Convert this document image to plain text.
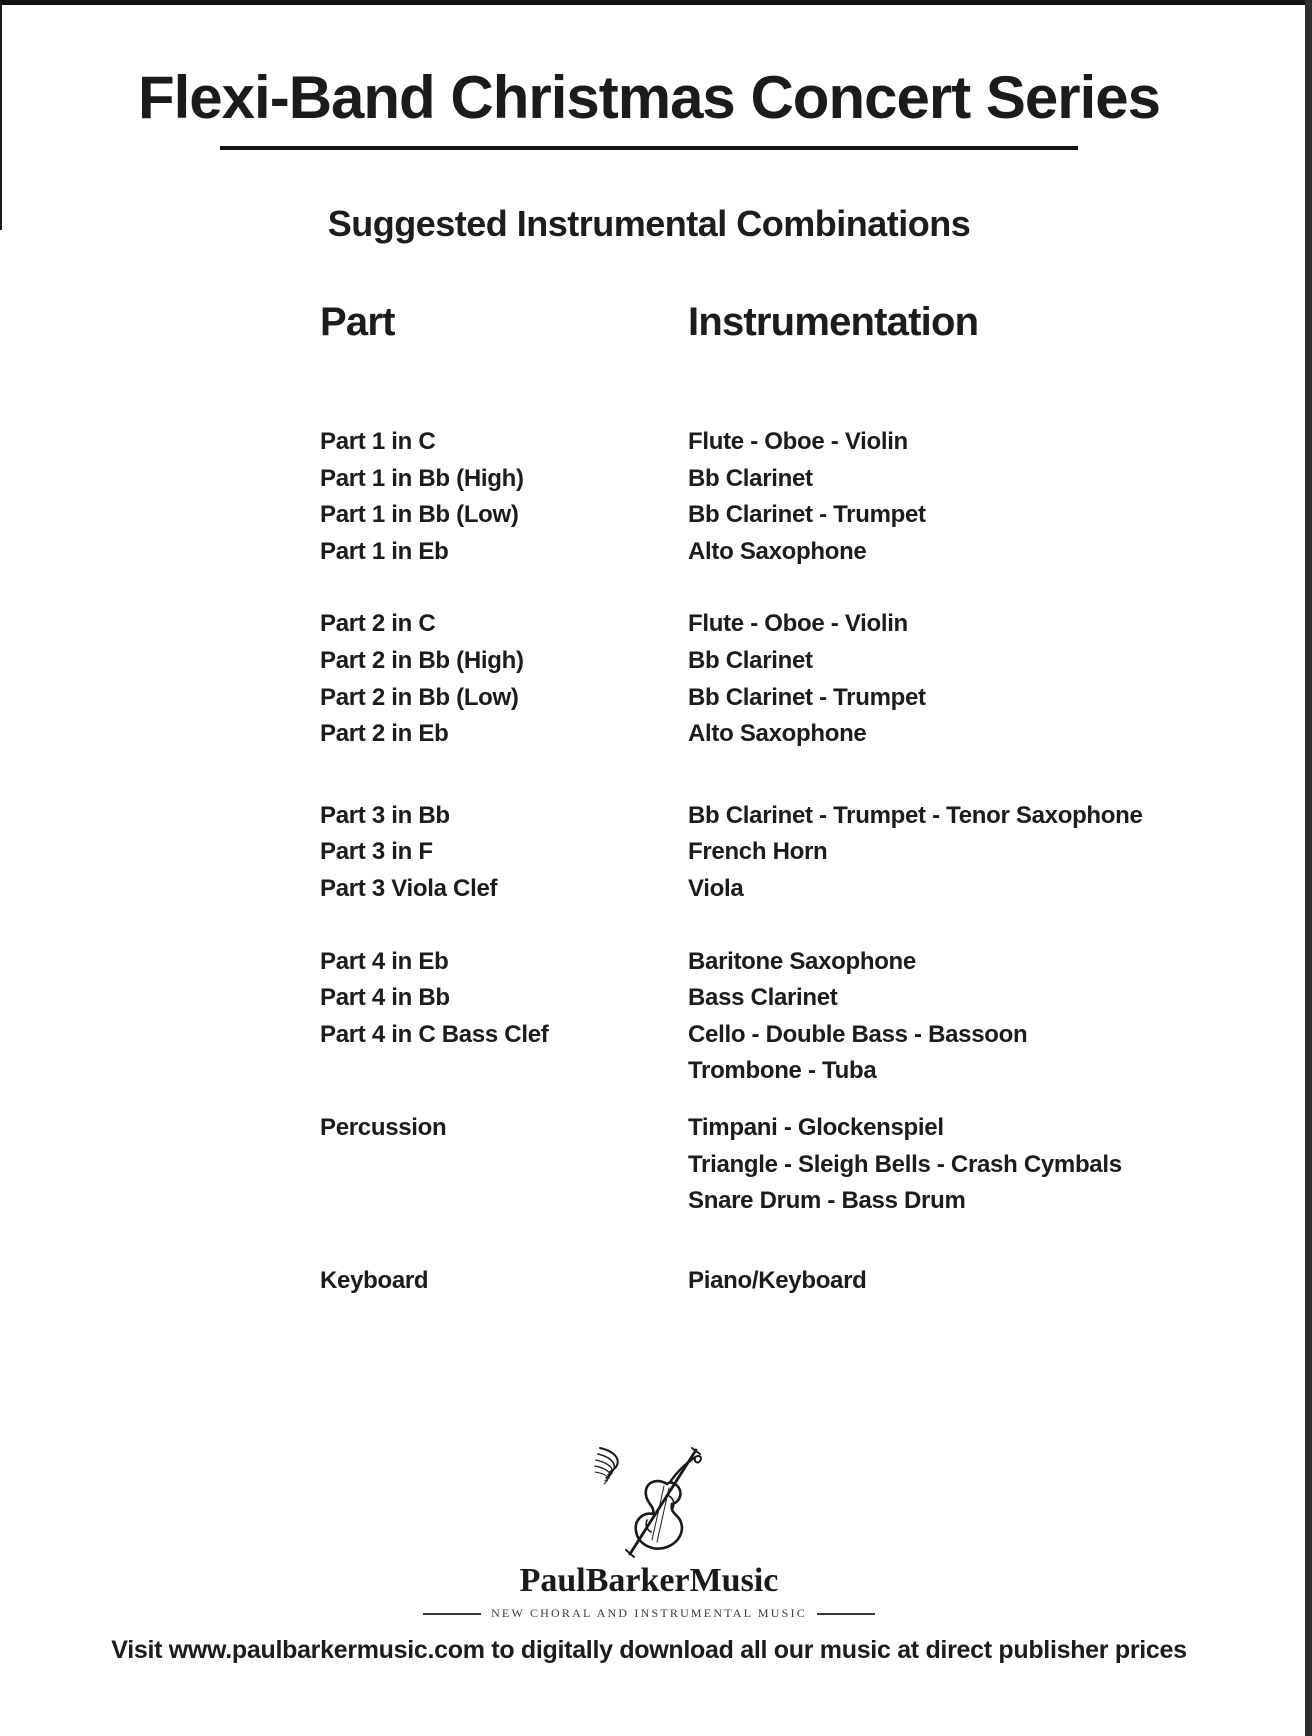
Flexi-Band Christmas Concert Series
Suggested Instrumental Combinations
Part	Instrumentation
Part 1 in C	Flute - Oboe - Violin
Part 1 in Bb (High)	Bb Clarinet
Part 1 in Bb (Low)	Bb Clarinet - Trumpet
Part 1 in Eb	Alto Saxophone
Part 2 in C	Flute - Oboe - Violin
Part 2 in Bb (High)	Bb Clarinet
Part 2 in Bb (Low)	Bb Clarinet - Trumpet
Part 2 in Eb	Alto Saxophone
Part 3 in Bb	Bb Clarinet - Trumpet - Tenor Saxophone
Part 3 in F	French Horn
Part 3 Viola Clef	Viola
Part 4 in Eb	Baritone Saxophone
Part 4 in Bb	Bass Clarinet
Part 4 in C Bass Clef	Cello - Double Bass - Bassoon
Trombone - Tuba
Percussion	Timpani - Glockenspiel
Triangle - Sleigh Bells - Crash Cymbals
Snare Drum - Bass Drum
Keyboard	Piano/Keyboard
PaulBarkerMusic
NEW CHORAL AND INSTRUMENTAL MUSIC
Visit www.paulbarkermusic.com to digitally download all our music at direct publisher prices
